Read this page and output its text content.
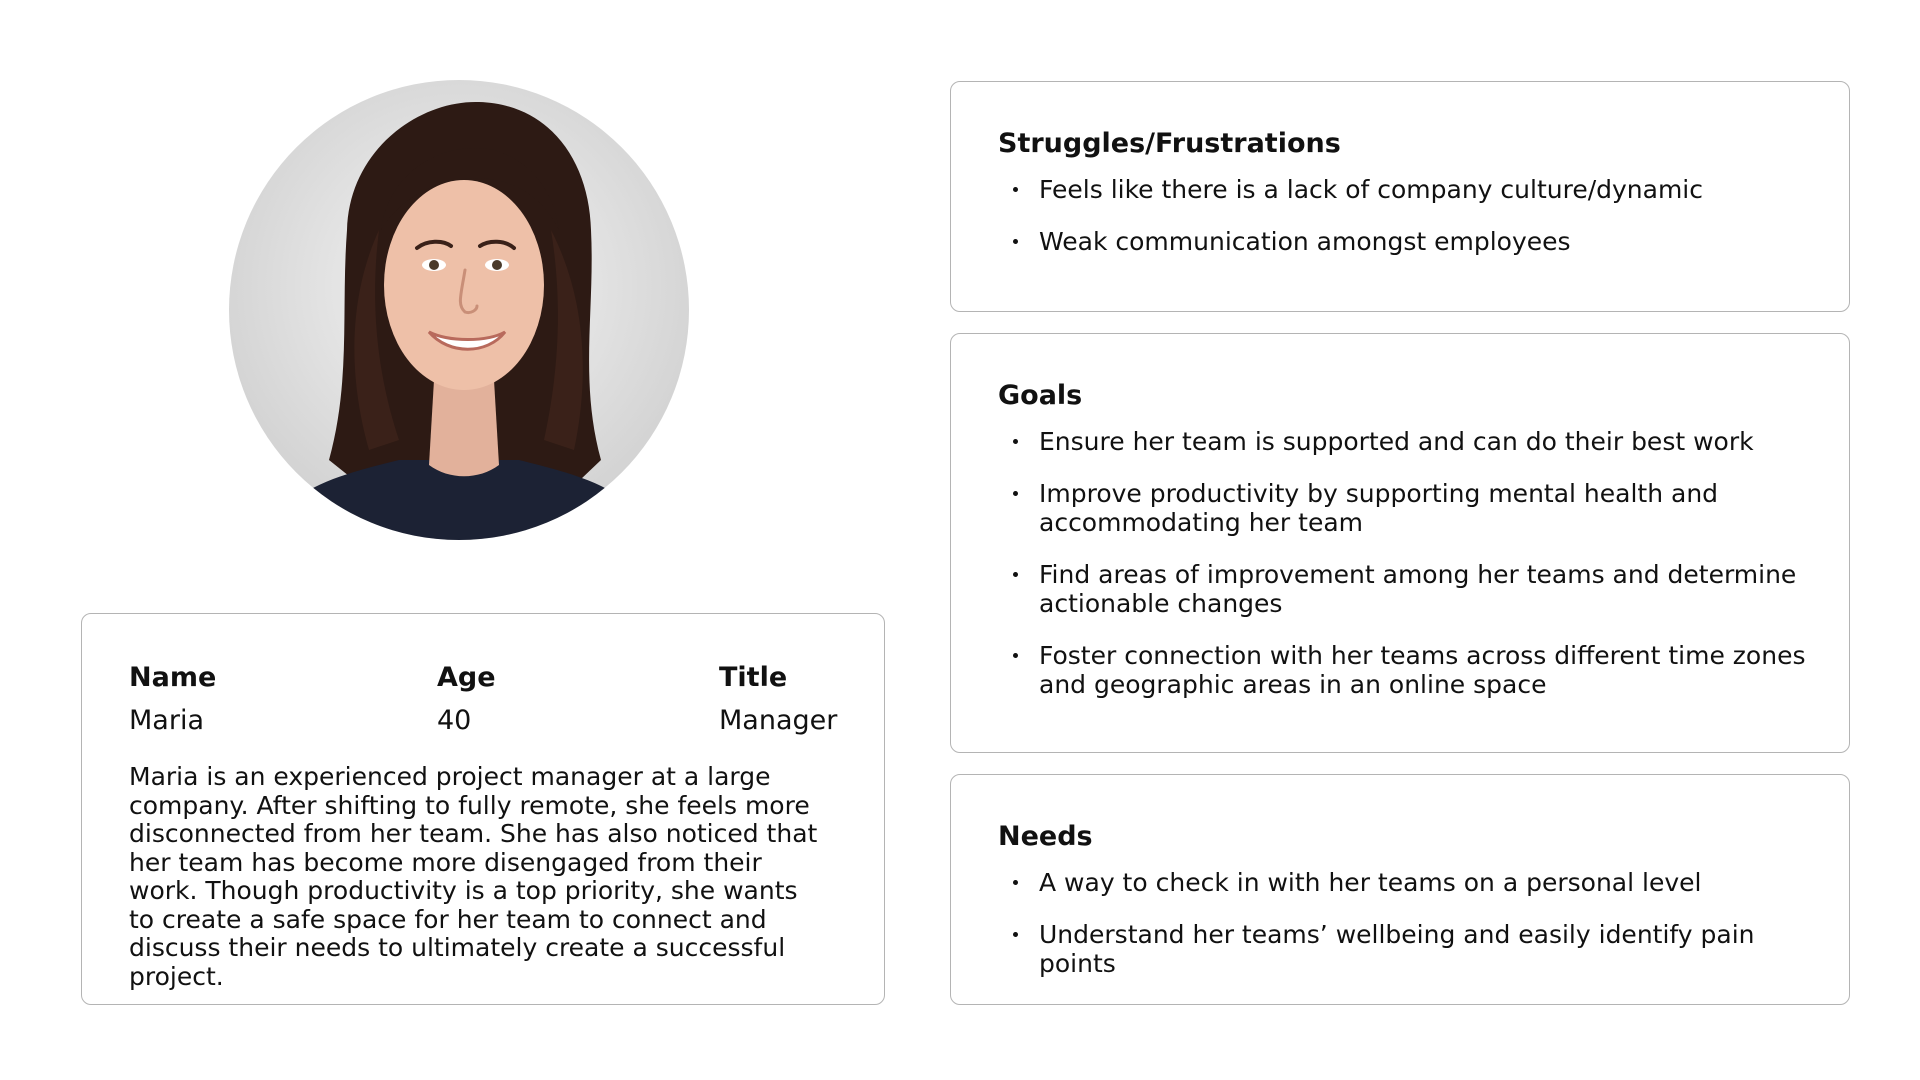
Name
Maria
Age
40
Title
Manager

Maria is an experienced project manager at a large company. After shifting to fully remote, she feels more disconnected from her team. She has also noticed that her team has become more disengaged from their work. Though productivity is a top priority, she wants to create a safe space for her team to connect and discuss their needs to ultimately create a successful project.

Struggles/Frustrations
Feels like there is a lack of company culture/dynamic
Weak communication amongst employees
Goals
Ensure her team is supported and can do their best work
Improve productivity by supporting mental health and accommodating her team
Find areas of improvement among her teams and determine actionable changes
Foster connection with her teams across different time zones and geographic areas in an online space
Needs
A way to check in with her teams on a personal level
Understand her teams’ wellbeing and easily identify pain points
